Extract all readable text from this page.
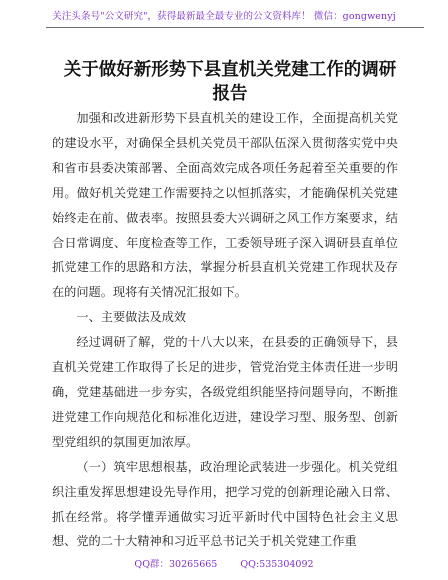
关注头条号"公文研究"，获得最新最全最专业的公文资料库！ 微信：gongwenyj
关于做好新形势下县直机关党建工作的调研报告

加强和改进新形势下县直机关的建设工作，全面提高机关党的建设水平，对确保全县机关党员干部队伍深入贯彻落实党中央和省市县委决策部署、全面高效完成各项任务起着至关重要的作用。做好机关党建工作需要持之以恒抓落实，才能确保机关党建始终走在前、做表率。按照县委大兴调研之风工作方案要求，结合日常调度、年度检查等工作，工委领导班子深入调研县直单位抓党建工作的思路和方法，掌握分析县直机关党建工作现状及存在的问题。现将有关情况汇报如下。

一、主要做法及成效

经过调研了解，党的十八大以来，在县委的正确领导下，县直机关党建工作取得了长足的进步，管党治党主体责任进一步明确，党建基础进一步夯实，各级党组织能坚持问题导向，不断推进党建工作向规范化和标准化迈进，建设学习型、服务型、创新型党组织的氛围更加浓厚。

（一）筑牢思想根基，政治理论武装进一步强化。机关党组织注重发挥思想建设先导作用，把学习党的创新理论融入日常、抓在经常。将学懂弄通做实习近平新时代中国特色社会主义思想、党的二十大精神和习近平总书记关于机关党建工作重

QQ群：30265665 QQ:535304092
